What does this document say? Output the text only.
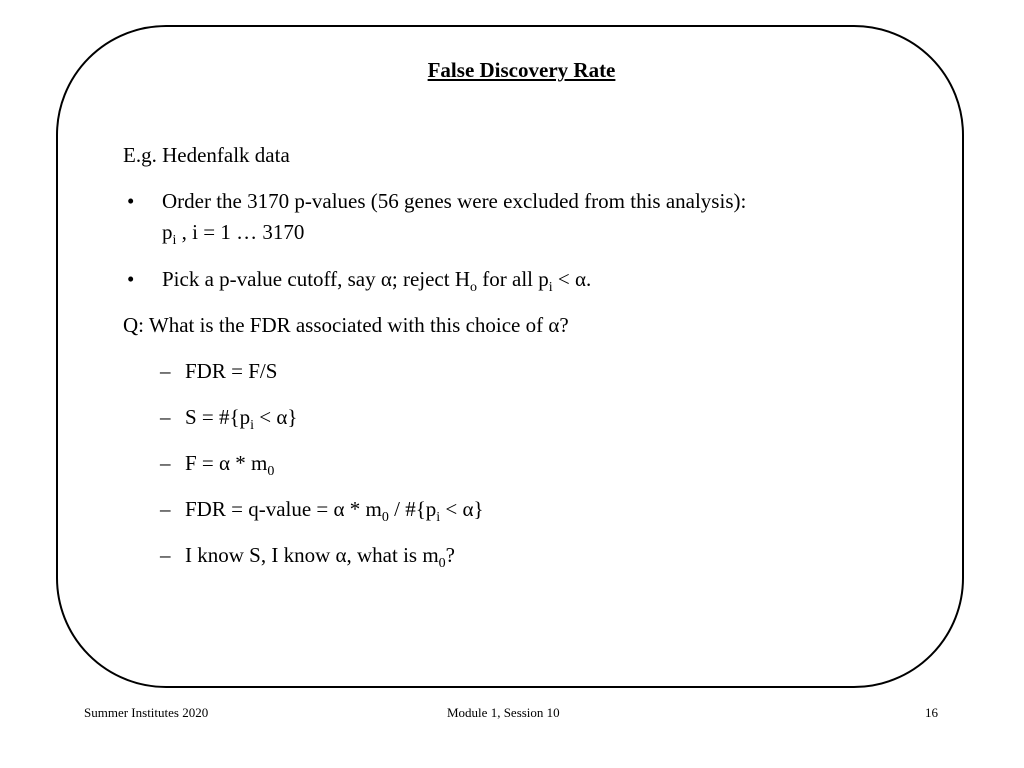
False Discovery Rate
E.g. Hedenfalk data
• Order the 3170 p-values (56 genes were excluded from this analysis):
$p_i$ , i = 1 … 3170
• Pick a p-value cutoff, say α; reject $H_o$ for all $p_i < \alpha$.
Q: What is the FDR associated with this choice of α?
– FDR = F/S
– $S = \#\{p_i < \alpha\}$
– $F = \alpha * m_0$
– FDR = q-value = α * $m_0$ / $\#\{p_i < \alpha\}$
– I know S, I know α, what is $m_0$?
Summer Institutes 2020	Module 1, Session 10	16
